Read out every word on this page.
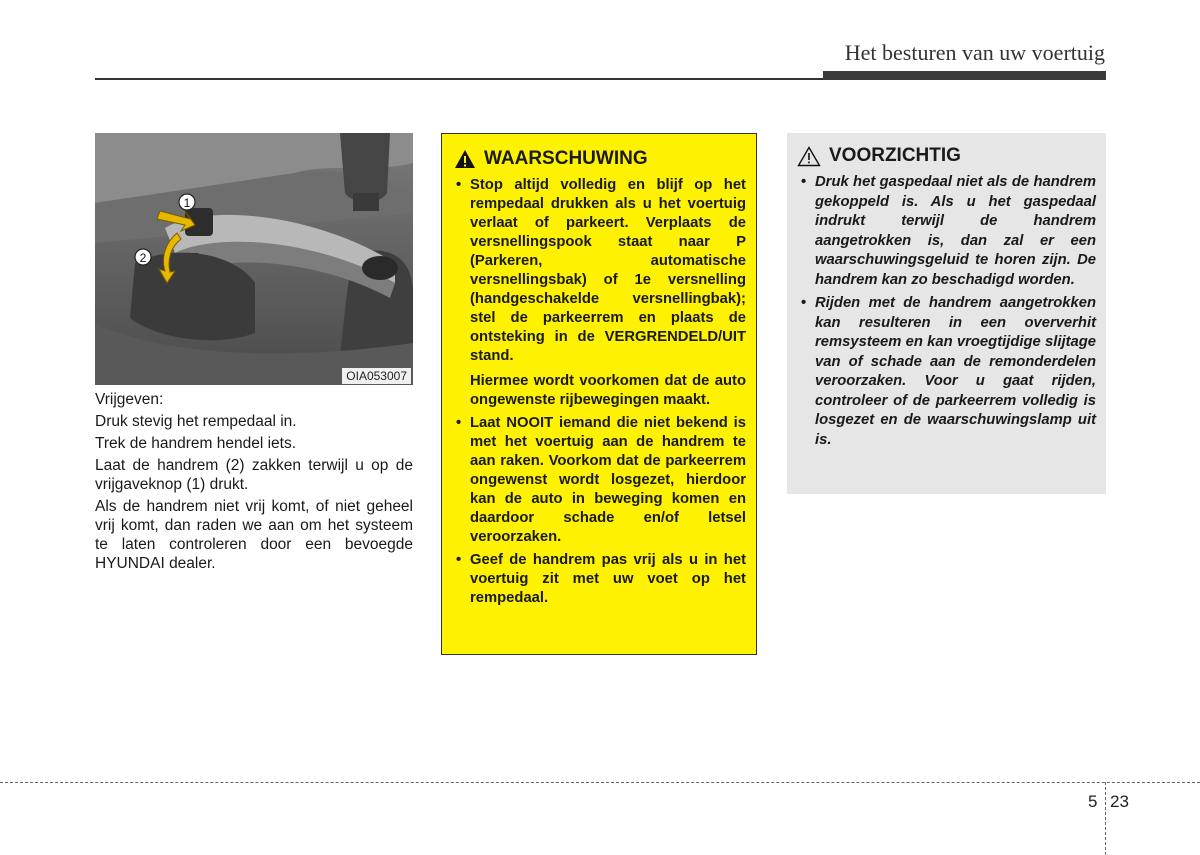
Het besturen van uw voertuig
1
2
OIA053007

Vrijgeven:

Druk stevig het rempedaal in.

Trek de handrem hendel iets.

Laat de handrem (2) zakken terwijl u op de vrijgaveknop (1) drukt.

Als de handrem niet vrij komt, of niet geheel vrij komt, dan raden we aan om het systeem te laten controleren door een bevoegde HYUNDAI dealer.

WAARSCHUWING
• Stop altijd volledig en blijf op het rempedaal drukken als u het voertuig verlaat of parkeert. Verplaats de versnellingspook staat naar P (Parkeren, automatische versnellingsbak) of 1e versnelling (handgeschakelde versnellingbak); stel de parkeerrem en plaats de ontsteking in de VERGRENDELD/UIT stand.
Hiermee wordt voorkomen dat de auto ongewenste rijbewegingen maakt.
• Laat NOOIT iemand die niet bekend is met het voertuig aan de handrem te aan raken. Voorkom dat de parkeerrem ongewenst wordt losgezet, hierdoor kan de auto in beweging komen en daardoor schade en/of letsel veroorzaken.
• Geef de handrem pas vrij als u in het voertuig zit met uw voet op het rempedaal.
VOORZICHTIG
• Druk het gaspedaal niet als de handrem gekoppeld is. Als u het gaspedaal indrukt terwijl de handrem aangetrokken is, dan zal er een waarschuwingsgeluid te horen zijn. De handrem kan zo beschadigd worden.
• Rijden met de handrem aangetrokken kan resulteren in een oververhit remsysteem en kan vroegtijdige slijtage van of schade aan de remonderdelen veroorzaken. Voor u gaat rijden, controleer of de parkeerrem volledig is losgezet en de waarschuwingslamp uit is.
5 23
